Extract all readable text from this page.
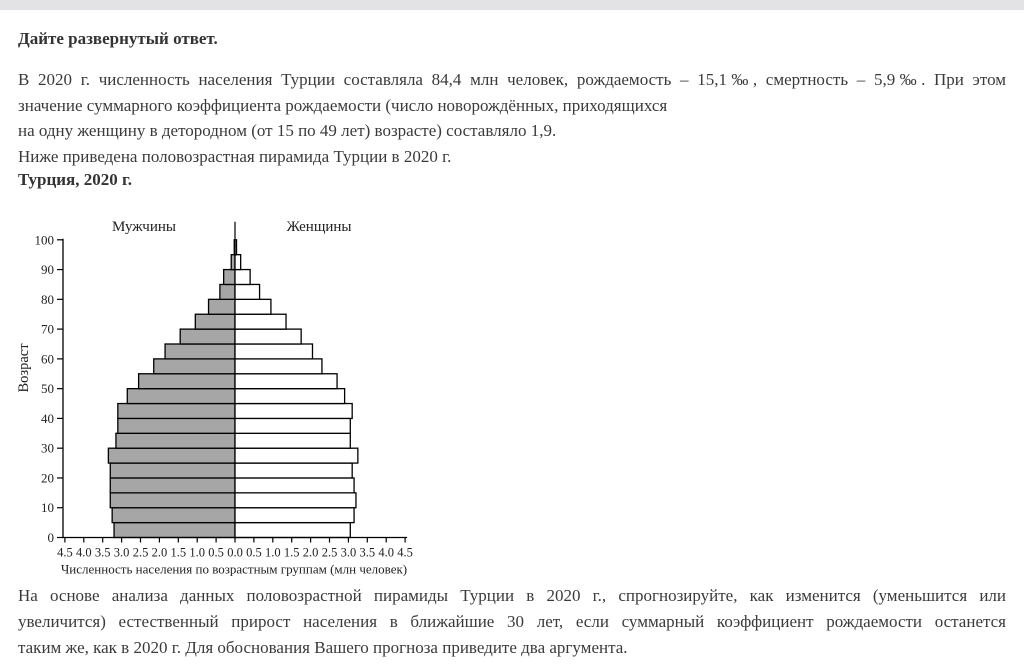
Дайте развернутый ответ.
В 2020 г. численность населения Турции составляла 84,4 млн человек, рождаемость – 15,1‰, смертность – 5,9‰. При этом
значение суммарного коэффициента рождаемости (число новорождённых, приходящихся
на одну женщину в детородном (от 15 по 49 лет) возрасте) составляло 1,9.
Ниже приведена половозрастная пирамида Турции в 2020 г.
Турция, 2020 г.
0
10
20
30
40
50
60
70
80
90
100
4.5 4.0 3.5 3.0 2.5 2.0 1.5 1.0 0.5 0.0 0.5 1.0 1.5 2.0 2.5 3.0 3.5 4.0 4.5
Мужчины	Женщины
Возраст
Численность населения по возрастным группам (млн человек)
На основе анализа данных половозрастной пирамиды Турции в 2020 г., спрогнозируйте, как изменится (уменьшится или
увеличится) естественный прирост населения в ближайшие 30 лет, если суммарный коэффициент рождаемости останется
таким же, как в 2020 г. Для обоснования Вашего прогноза приведите два аргумента.
